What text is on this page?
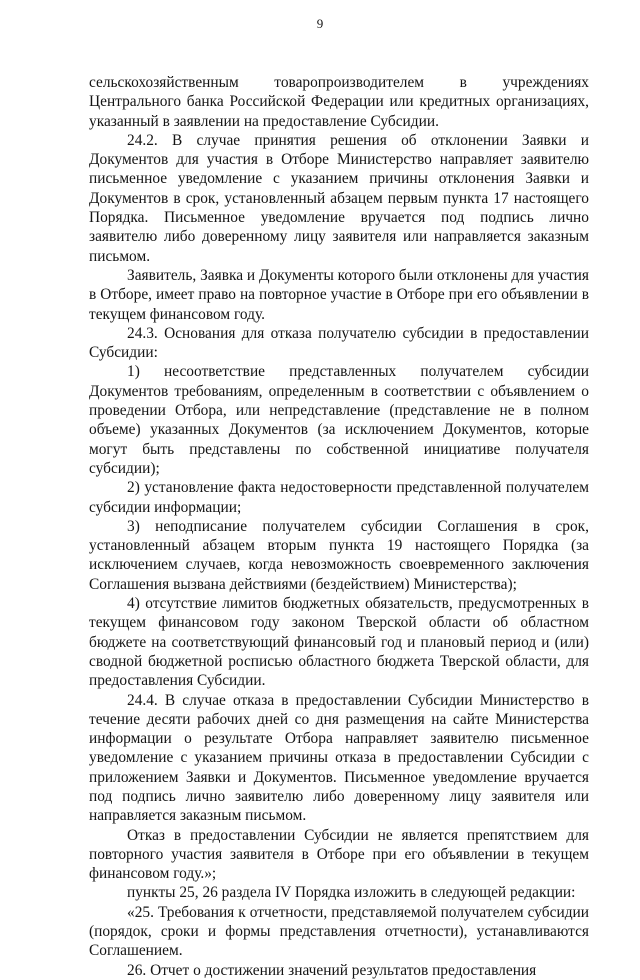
9

сельскохозяйственным товаропроизводителем в учреждениях Центрального банка Российской Федерации или кредитных организациях, указанный в заявлении на предоставление Субсидии.

24.2. В случае принятия решения об отклонении Заявки и Документов для участия в Отборе Министерство направляет заявителю письменное уведомление с указанием причины отклонения Заявки и Документов в срок, установленный абзацем первым пункта 17 настоящего Порядка. Письменное уведомление вручается под подпись лично заявителю либо доверенному лицу заявителя или направляется заказным письмом.

Заявитель, Заявка и Документы которого были отклонены для участия в Отборе, имеет право на повторное участие в Отборе при его объявлении в текущем финансовом году.

24.3. Основания для отказа получателю субсидии в предоставлении Субсидии:

1) несоответствие представленных получателем субсидии Документов требованиям, определенным в соответствии с объявлением о проведении Отбора, или непредставление (представление не в полном объеме) указанных Документов (за исключением Документов, которые могут быть представлены по собственной инициативе получателя субсидии);

2) установление факта недостоверности представленной получателем субсидии информации;

3) неподписание получателем субсидии Соглашения в срок, установленный абзацем вторым пункта 19 настоящего Порядка (за исключением случаев, когда невозможность своевременного заключения Соглашения вызвана действиями (бездействием) Министерства);

4) отсутствие лимитов бюджетных обязательств, предусмотренных в текущем финансовом году законом Тверской области об областном бюджете на соответствующий финансовый год и плановый период и (или) сводной бюджетной росписью областного бюджета Тверской области, для предоставления Субсидии.

24.4. В случае отказа в предоставлении Субсидии Министерство в течение десяти рабочих дней со дня размещения на сайте Министерства информации о результате Отбора направляет заявителю письменное уведомление с указанием причины отказа в предоставлении Субсидии с приложением Заявки и Документов. Письменное уведомление вручается под подпись лично заявителю либо доверенному лицу заявителя или направляется заказным письмом.

Отказ в предоставлении Субсидии не является препятствием для повторного участия заявителя в Отборе при его объявлении в текущем финансовом году.»;

пункты 25, 26 раздела IV Порядка изложить в следующей редакции:

«25. Требования к отчетности, представляемой получателем субсидии (порядок, сроки и формы представления отчетности), устанавливаются Соглашением.

26. Отчет о достижении значений результатов предоставления
